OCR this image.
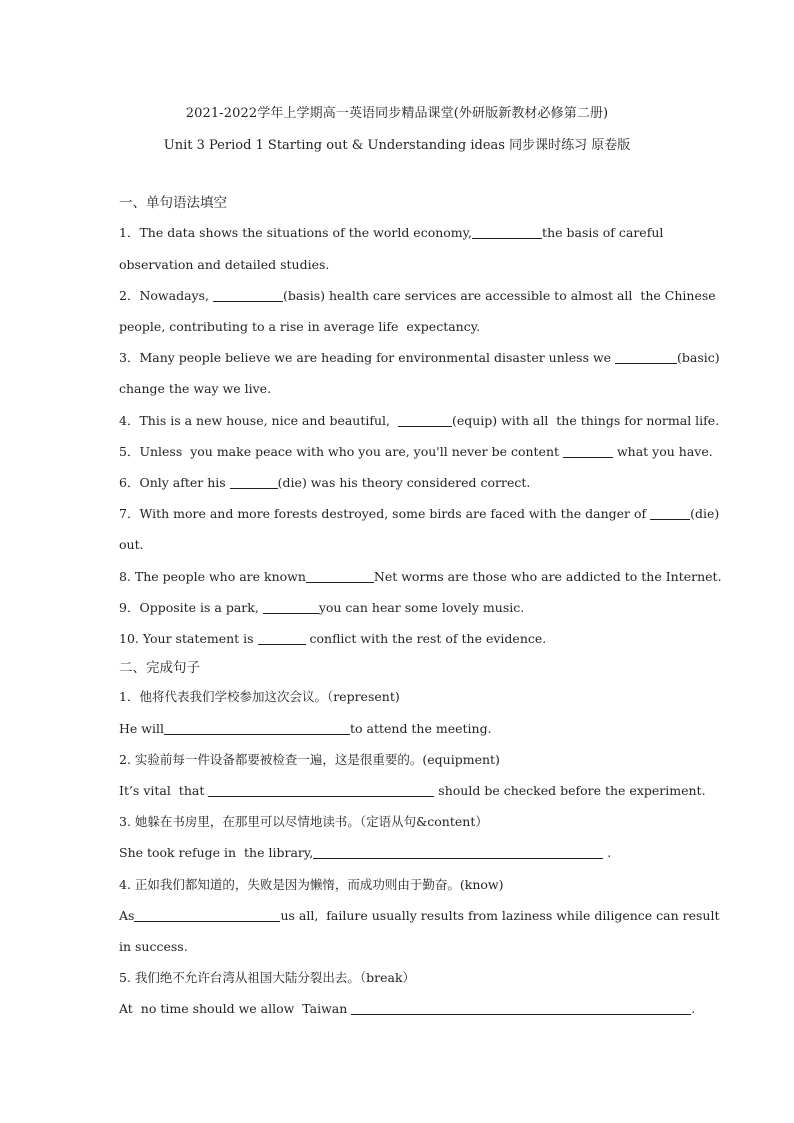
2021-2022学年上学期高一英语同步精品课堂(外研版新教材必修第二册)
Unit 3 Period 1 Starting out & Understanding ideas 同步课时练习 原卷版
一、单句语法填空
1．The data shows the situations of the world economy,	the basis of careful
observation and detailed studies.
2．Nowadays,	(basis) health care services are accessible to almost all  the Chinese
people, contributing to a rise in average life  expectancy.
3．Many people believe we are heading for environmental disaster unless we	(basic)
change the way we live.
4．This is a new house, nice and beautiful,	(equip) with all  the things for normal life.
5．Unless  you make peace with who you are, you'll never be content	what you have.
6．Only after his	(die) was his theory considered correct.
7．With more and more forests destroyed, some birds are faced with the danger of	(die)
out.
8. The people who are known	Net worms are those who are addicted to the Internet.
9．Opposite is a park,	you can hear some lovely music.
10. Your statement is	conflict with the rest of the evidence.
二、完成句子
1．他将代表我们学校参加这次会议。（represent)
He will	to attend the meeting.
2. 实验前每一件设备都要被检查一遍，这是很重要的。(equipment)
It’s vital  that	should be checked before the experiment.
3. 她躲在书房里，在那里可以尽情地读书。（定语从句&content）
She took refuge in  the library,	.
4. 正如我们都知道的，失败是因为懒惰，而成功则由于勤奋。(know)
As	us all,  failure usually results from laziness while diligence can result
in success.
5. 我们绝不允许台湾从祖国大陆分裂出去。（break）
At  no time should we allow  Taiwan	.
